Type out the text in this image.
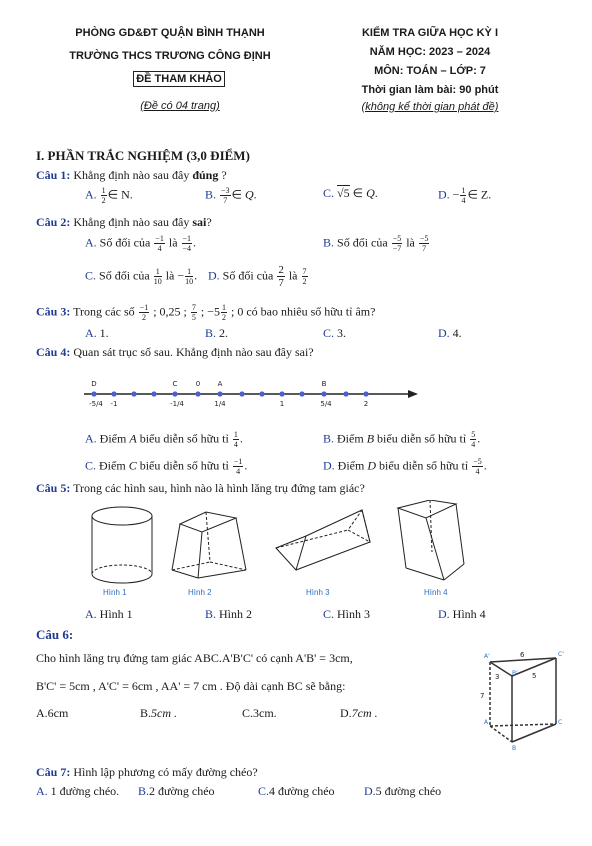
PHÒNG GD&ĐT QUẬN BÌNH THẠNH
TRƯỜNG THCS TRƯƠNG CÔNG ĐỊNH
ĐỀ THAM KHẢO
(Đề có 04 trang)
KIỂM TRA GIỮA HỌC KỲ I
NĂM HỌC: 2023 – 2024
MÔN: TOÁN – LỚP: 7
Thời gian làm bài: 90 phút
(không kể thời gian phát đề)
I. PHẦN TRẮC NGHIỆM (3,0 ĐIỂM)
Câu 1: Khẳng định nào sau đây đúng ?
A. $\frac{1}{2}$ ∈ N.	B. $\frac{-3}{7}$ ∈ Q.	C. √5 ∈ Q.	D. − $\frac{1}{4}$ ∈ Z.
Câu 2: Khẳng định nào sau đây sai?
A. Số đối của $\frac{-1}{4}$ là $\frac{-1}{-4}$ .	B. Số đối của $\frac{-5}{-7}$ là $\frac{-5}{7}$
C. Số đối của $\frac{1}{10}$ là − $\frac{1}{10}$ . D. Số đối của $\frac{2}{7}$ là $\frac{7}{2}$
Câu 3: Trong các số $\frac{-1}{2}$ ; 0,25 ; $\frac{7}{5}$ ; $-5 \frac{1}{2}$ ; 0 có bao nhiêu số hữu tỉ âm?
A. 1.	B. 2.	C. 3.	D. 4.
Câu 4: Quan sát trục số sau. Khẳng định nào sau đây sai?
D	C	0 A	B
-5/4 -1	-1/4	1/4	1	5/4	2
A. Điểm A biểu diễn số hữu tỉ $\frac{1}{4}$ .	B. Điểm B biểu diễn số hữu tỉ $\frac{5}{4}$ .
C. Điểm C biểu diễn số hữu tỉ $\frac{-1}{4}$ .	D. Điểm D biểu diễn số hữu tỉ $\frac{-5}{4}$ .
Câu 5: Trong các hình sau, hình nào là hình lăng trụ đứng tam giác?
Hình 1	Hình 2	Hình 3	Hình 4
A. Hình 1	B. Hình 2	C. Hình 3	D. Hình 4
Câu 6:
Cho hình lăng trụ đứng tam giác ABC.A'B'C' có cạnh A'B' = 3cm,
B'C' = 5cm , A'C' = 6cm , AA' = 7 cm . Độ dài cạnh BC sẽ bằng:
A.6cm	B.5cm .	C.3cm.	D.7cm .
A'	C'
B'
A	C
B
6
3	5
7
Câu 7: Hình lập phương có mấy đường chéo?
A. 1 đường chéo. B.2 đường chéo	C.4 đường chéo D.5 đường chéo
